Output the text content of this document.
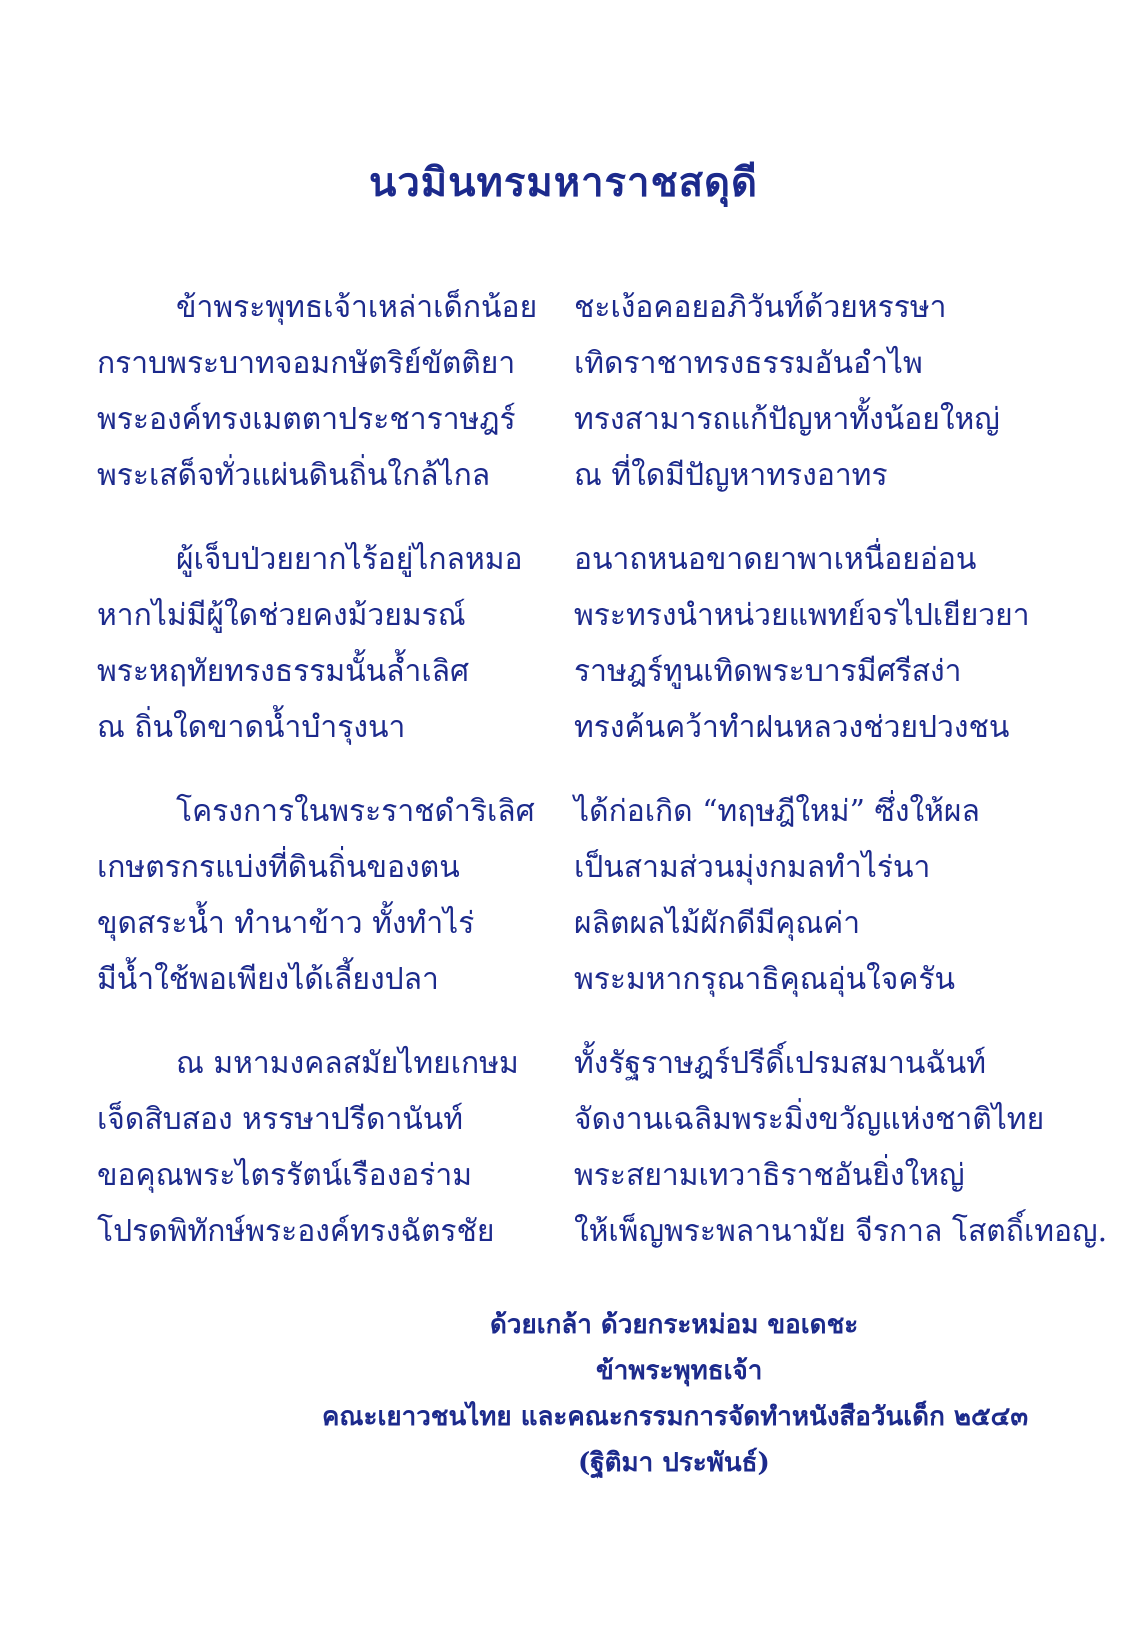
นวมินทรมหาราชสดุดี
ข้าพระพุทธเจ้าเหล่าเด็กน้อย ชะเง้อคอยอภิวันท์ด้วยหรรษา
กราบพระบาทจอมกษัตริย์ขัตติยา เทิดราชาทรงธรรมอันอำไพ
พระองค์ทรงเมตตาประชาราษฎร์ ทรงสามารถแก้ปัญหาทั้งน้อยใหญ่
พระเสด็จทั่วแผ่นดินถิ่นใกล้ไกล	ณ ที่ใดมีปัญหาทรงอาทร
ผู้เจ็บป่วยยากไร้อยู่ไกลหมอ อนาถหนอขาดยาพาเหนื่อยอ่อน
หากไม่มีผู้ใดช่วยคงม้วยมรณ์	พระทรงนำหน่วยแพทย์จรไปเยียวยา
พระหฤทัยทรงธรรมนั้นล้ำเลิศ	ราษฎร์ทูนเทิดพระบารมีศรีสง่า
ณ ถิ่นใดขาดน้ำบำรุงนา	ทรงค้นคว้าทำฝนหลวงช่วยปวงชน
โครงการในพระราชดำริเลิศ ได้ก่อเกิด “ทฤษฎีใหม่” ซึ่งให้ผล
เกษตรกรแบ่งที่ดินถิ่นของตน	เป็นสามส่วนมุ่งกมลทำไร่นา
ขุดสระน้ำ ทำนาข้าว ทั้งทำไร่	ผลิตผลไม้ผักดีมีคุณค่า
มีน้ำใช้พอเพียงได้เลี้ยงปลา	พระมหากรุณาธิคุณอุ่นใจครัน
ณ มหามงคลสมัยไทยเกษม ทั้งรัฐราษฎร์ปรีดิ์เปรมสมานฉันท์
เจ็ดสิบสอง หรรษาปรีดานันท์	จัดงานเฉลิมพระมิ่งขวัญแห่งชาติไทย
ขอคุณพระไตรรัตน์เรืองอร่าม	พระสยามเทวาธิราชอันยิ่งใหญ่
โปรดพิทักษ์พระองค์ทรงฉัตรชัย	ให้เพ็ญพระพลานามัย จีรกาล โสตถิ์เทอญ.
ด้วยเกล้า ด้วยกระหม่อม ขอเดชะ
ข้าพระพุทธเจ้า
คณะเยาวชนไทย และคณะกรรมการจัดทำหนังสือวันเด็ก ๒๕๔๓
(ฐิติมา ประพันธ์)
